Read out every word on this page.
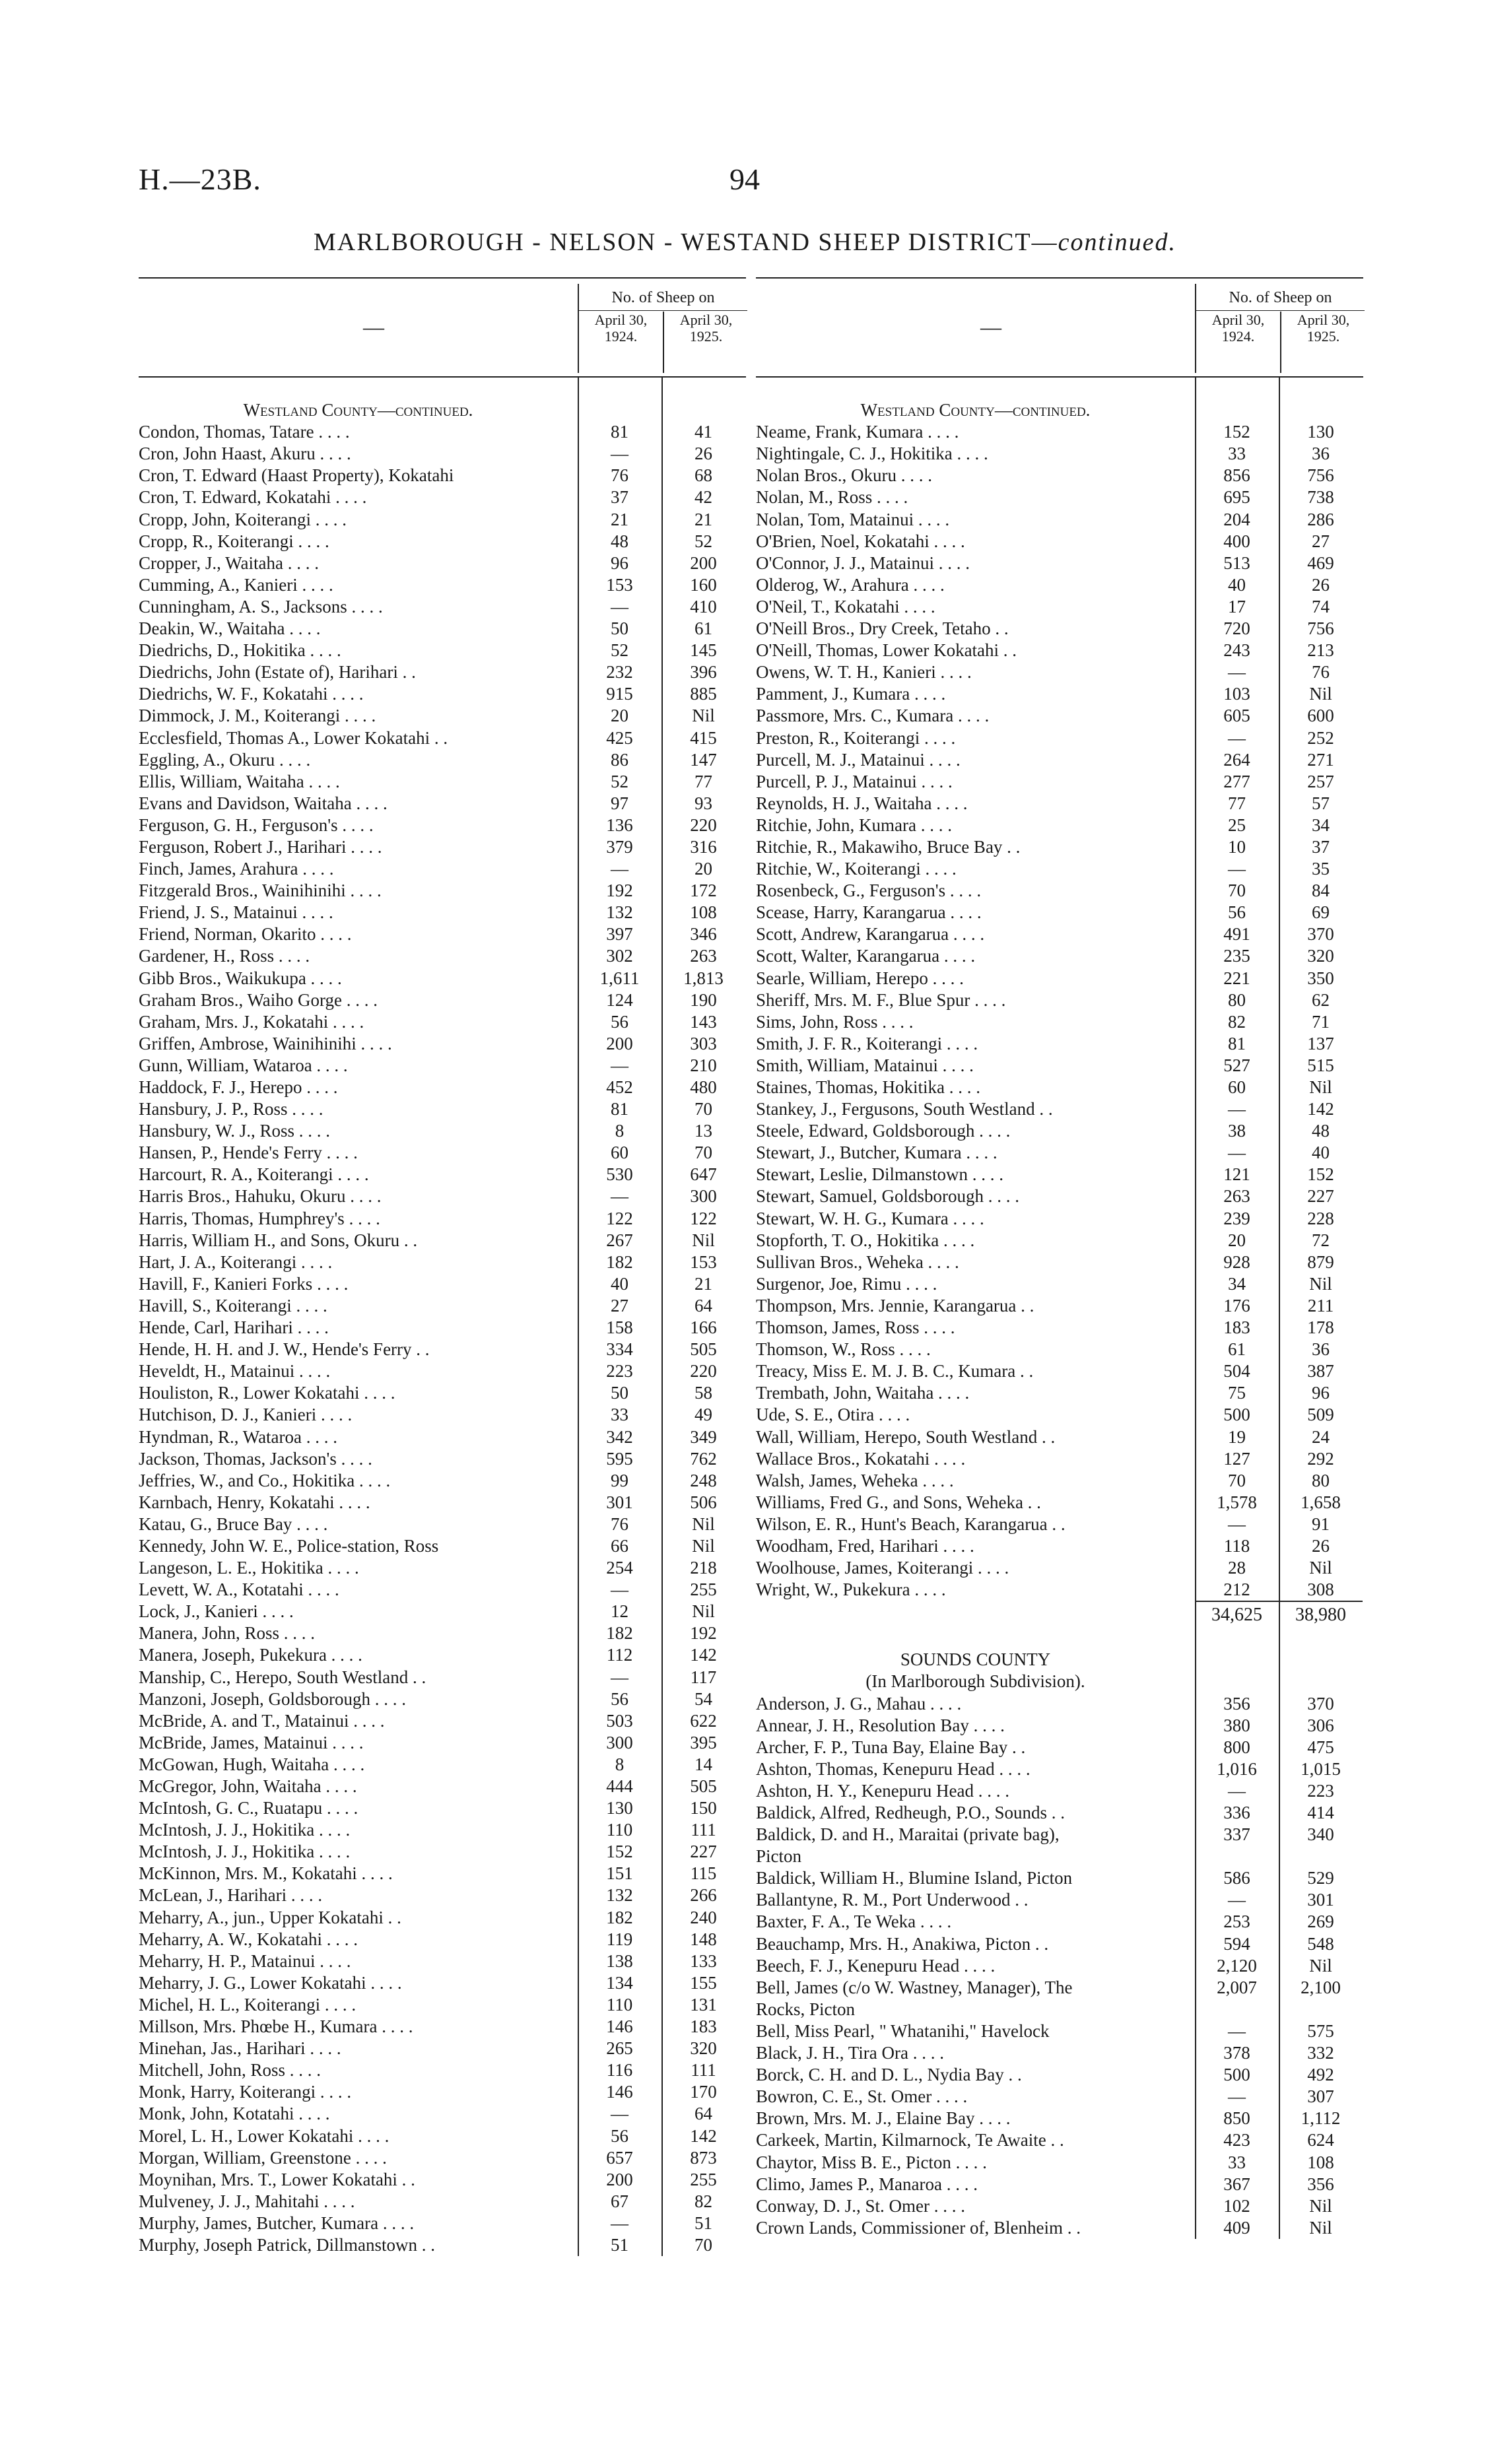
H.—23B.	94
MARLBOROUGH - NELSON - WESTAND SHEEP DISTRICT—continued.
—
No. of Sheep on
April 30, 1924.
April 30, 1925.
Westland County—continued.
Condon, Thomas, Tatare . . . .	81	41
Cron, John Haast, Akuru . . . .	—	26
Cron, T. Edward (Haast Property), Kokatahi	76	68
Cron, T. Edward, Kokatahi . . . .	37	42
Cropp, John, Koiterangi . . . .	21	21
Cropp, R., Koiterangi . . . .	48	52
Cropper, J., Waitaha . . . .	96	200
Cumming, A., Kanieri . . . .	153	160
Cunningham, A. S., Jacksons . . . .	—	410
Deakin, W., Waitaha . . . .	50	61
Diedrichs, D., Hokitika . . . .	52	145
Diedrichs, John (Estate of), Harihari . .	232	396
Diedrichs, W. F., Kokatahi . . . .	915	885
Dimmock, J. M., Koiterangi . . . .	20	Nil
Ecclesfield, Thomas A., Lower Kokatahi . .	425	415
Eggling, A., Okuru . . . .	86	147
Ellis, William, Waitaha . . . .	52	77
Evans and Davidson, Waitaha . . . .	97	93
Ferguson, G. H., Ferguson's . . . .	136	220
Ferguson, Robert J., Harihari . . . .	379	316
Finch, James, Arahura . . . .	—	20
Fitzgerald Bros., Wainihinihi . . . .	192	172
Friend, J. S., Matainui . . . .	132	108
Friend, Norman, Okarito . . . .	397	346
Gardener, H., Ross . . . .	302	263
Gibb Bros., Waikukupa . . . .	1,611	1,813
Graham Bros., Waiho Gorge . . . .	124	190
Graham, Mrs. J., Kokatahi . . . .	56	143
Griffen, Ambrose, Wainihinihi . . . .	200	303
Gunn, William, Wataroa . . . .	—	210
Haddock, F. J., Herepo . . . .	452	480
Hansbury, J. P., Ross . . . .	81	70
Hansbury, W. J., Ross . . . .	8	13
Hansen, P., Hende's Ferry . . . .	60	70
Harcourt, R. A., Koiterangi . . . .	530	647
Harris Bros., Hahuku, Okuru . . . .	—	300
Harris, Thomas, Humphrey's . . . .	122	122
Harris, William H., and Sons, Okuru . .	267	Nil
Hart, J. A., Koiterangi . . . .	182	153
Havill, F., Kanieri Forks . . . .	40	21
Havill, S., Koiterangi . . . .	27	64
Hende, Carl, Harihari . . . .	158	166
Hende, H. H. and J. W., Hende's Ferry . .	334	505
Heveldt, H., Matainui . . . .	223	220
Houliston, R., Lower Kokatahi . . . .	50	58
Hutchison, D. J., Kanieri . . . .	33	49
Hyndman, R., Wataroa . . . .	342	349
Jackson, Thomas, Jackson's . . . .	595	762
Jeffries, W., and Co., Hokitika . . . .	99	248
Karnbach, Henry, Kokatahi . . . .	301	506
Katau, G., Bruce Bay . . . .	76	Nil
Kennedy, John W. E., Police-station, Ross	66	Nil
Langeson, L. E., Hokitika . . . .	254	218
Levett, W. A., Kotatahi . . . .	—	255
Lock, J., Kanieri . . . .	12	Nil
Manera, John, Ross . . . .	182	192
Manera, Joseph, Pukekura . . . .	112	142
Manship, C., Herepo, South Westland . .	—	117
Manzoni, Joseph, Goldsborough . . . .	56	54
McBride, A. and T., Matainui . . . .	503	622
McBride, James, Matainui . . . .	300	395
McGowan, Hugh, Waitaha . . . .	8	14
McGregor, John, Waitaha . . . .	444	505
McIntosh, G. C., Ruatapu . . . .	130	150
McIntosh, J. J., Hokitika . . . .	110	111
McIntosh, J. J., Hokitika . . . .	152	227
McKinnon, Mrs. M., Kokatahi . . . .	151	115
McLean, J., Harihari . . . .	132	266
Meharry, A., jun., Upper Kokatahi . .	182	240
Meharry, A. W., Kokatahi . . . .	119	148
Meharry, H. P., Matainui . . . .	138	133
Meharry, J. G., Lower Kokatahi . . . .	134	155
Michel, H. L., Koiterangi . . . .	110	131
Millson, Mrs. Phœbe H., Kumara . . . .	146	183
Minehan, Jas., Harihari . . . .	265	320
Mitchell, John, Ross . . . .	116	111
Monk, Harry, Koiterangi . . . .	146	170
Monk, John, Kotatahi . . . .	—	64
Morel, L. H., Lower Kokatahi . . . .	56	142
Morgan, William, Greenstone . . . .	657	873
Moynihan, Mrs. T., Lower Kokatahi . .	200	255
Mulveney, J. J., Mahitahi . . . .	67	82
Murphy, James, Butcher, Kumara . . . .	—	51
Murphy, Joseph Patrick, Dillmanstown . .	51	70
—
No. of Sheep on
April 30, 1924.
April 30, 1925.
Westland County—continued.
Neame, Frank, Kumara . . . .	152	130
Nightingale, C. J., Hokitika . . . .	33	36
Nolan Bros., Okuru . . . .	856	756
Nolan, M., Ross . . . .	695	738
Nolan, Tom, Matainui . . . .	204	286
O'Brien, Noel, Kokatahi . . . .	400	27
O'Connor, J. J., Matainui . . . .	513	469
Olderog, W., Arahura . . . .	40	26
O'Neil, T., Kokatahi . . . .	17	74
O'Neill Bros., Dry Creek, Tetaho . .	720	756
O'Neill, Thomas, Lower Kokatahi . .	243	213
Owens, W. T. H., Kanieri . . . .	—	76
Pamment, J., Kumara . . . .	103	Nil
Passmore, Mrs. C., Kumara . . . .	605	600
Preston, R., Koiterangi . . . .	—	252
Purcell, M. J., Matainui . . . .	264	271
Purcell, P. J., Matainui . . . .	277	257
Reynolds, H. J., Waitaha . . . .	77	57
Ritchie, John, Kumara . . . .	25	34
Ritchie, R., Makawiho, Bruce Bay . .	10	37
Ritchie, W., Koiterangi . . . .	—	35
Rosenbeck, G., Ferguson's . . . .	70	84
Scease, Harry, Karangarua . . . .	56	69
Scott, Andrew, Karangarua . . . .	491	370
Scott, Walter, Karangarua . . . .	235	320
Searle, William, Herepo . . . .	221	350
Sheriff, Mrs. M. F., Blue Spur . . . .	80	62
Sims, John, Ross . . . .	82	71
Smith, J. F. R., Koiterangi . . . .	81	137
Smith, William, Matainui . . . .	527	515
Staines, Thomas, Hokitika . . . .	60	Nil
Stankey, J., Fergusons, South Westland . .	—	142
Steele, Edward, Goldsborough . . . .	38	48
Stewart, J., Butcher, Kumara . . . .	—	40
Stewart, Leslie, Dilmanstown . . . .	121	152
Stewart, Samuel, Goldsborough . . . .	263	227
Stewart, W. H. G., Kumara . . . .	239	228
Stopforth, T. O., Hokitika . . . .	20	72
Sullivan Bros., Weheka . . . .	928	879
Surgenor, Joe, Rimu . . . .	34	Nil
Thompson, Mrs. Jennie, Karangarua . .	176	211
Thomson, James, Ross . . . .	183	178
Thomson, W., Ross . . . .	61	36
Treacy, Miss E. M. J. B. C., Kumara . .	504	387
Trembath, John, Waitaha . . . .	75	96
Ude, S. E., Otira . . . .	500	509
Wall, William, Herepo, South Westland . .	19	24
Wallace Bros., Kokatahi . . . .	127	292
Walsh, James, Weheka . . . .	70	80
Williams, Fred G., and Sons, Weheka . .	1,578	1,658
Wilson, E. R., Hunt's Beach, Karangarua . .	—	91
Woodham, Fred, Harihari . . . .	118	26
Woolhouse, James, Koiterangi . . . .	28	Nil
Wright, W., Pukekura . . . .	212	308
34,625	38,980
SOUNDS COUNTY
(In Marlborough Subdivision).
Anderson, J. G., Mahau . . . .	356	370
Annear, J. H., Resolution Bay . . . .	380	306
Archer, F. P., Tuna Bay, Elaine Bay . .	800	475
Ashton, Thomas, Kenepuru Head . . . .	1,016	1,015
Ashton, H. Y., Kenepuru Head . . . .	—	223
Baldick, Alfred, Redheugh, P.O., Sounds . .	336	414
Baldick, D. and H., Maraitai (private bag),	337	340
Picton
Baldick, William H., Blumine Island, Picton	586	529
Ballantyne, R. M., Port Underwood . .	—	301
Baxter, F. A., Te Weka . . . .	253	269
Beauchamp, Mrs. H., Anakiwa, Picton . .	594	548
Beech, F. J., Kenepuru Head . . . .	2,120	Nil
Bell, James (c/o W. Wastney, Manager), The	2,007	2,100
Rocks, Picton
Bell, Miss Pearl, " Whatanihi," Havelock	—	575
Black, J. H., Tira Ora . . . .	378	332
Borck, C. H. and D. L., Nydia Bay . .	500	492
Bowron, C. E., St. Omer . . . .	—	307
Brown, Mrs. M. J., Elaine Bay . . . .	850	1,112
Carkeek, Martin, Kilmarnock, Te Awaite . .	423	624
Chaytor, Miss B. E., Picton . . . .	33	108
Climo, James P., Manaroa . . . .	367	356
Conway, D. J., St. Omer . . . .	102	Nil
Crown Lands, Commissioner of, Blenheim . .	409	Nil
